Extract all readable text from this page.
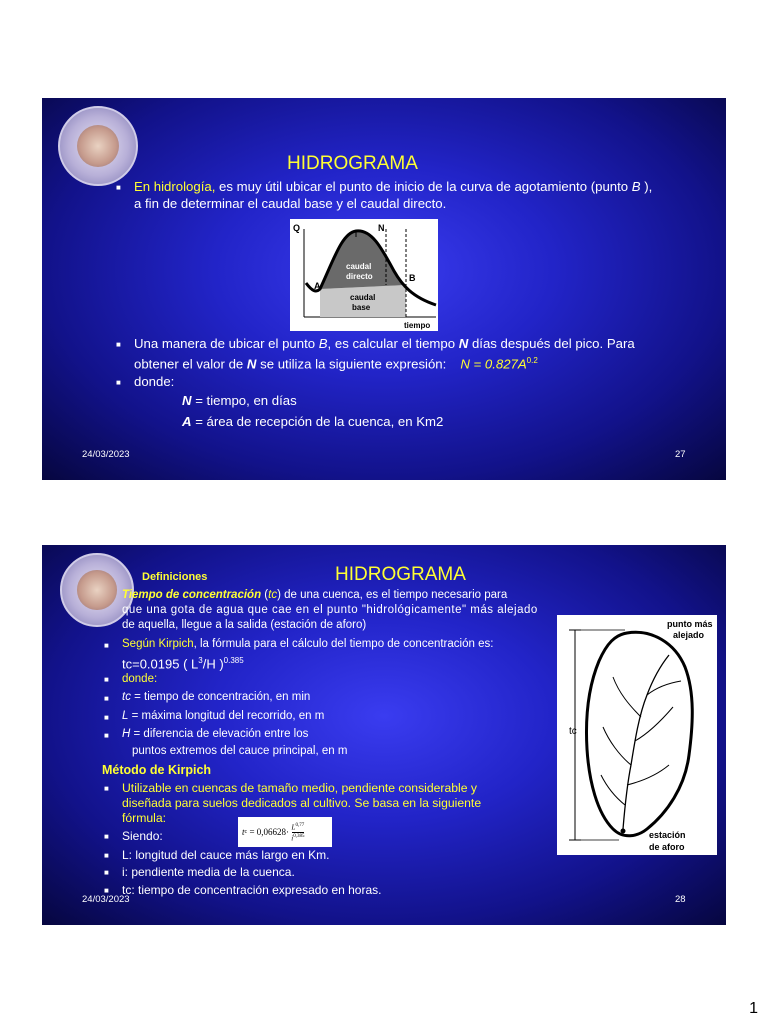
HIDROGRAMA
■ En hidrología, es muy útil ubicar el punto de inicio de la curva de agotamiento (punto B ),
a fin de determinar el caudal base y el caudal directo.
Q	N
caudal
directo
caudal
base
A
B
tiempo
■ Una manera de ubicar el punto B, es calcular el tiempo N días después del pico. Para
obtener el valor de N se utiliza la siguiente expresión: $N = 0.827A^{0.2}$
■ donde:
N = tiempo, en días
A = área de recepción de la cuenca, en Km2
24/03/2023	27
Definiciones	HIDROGRAMA
Tiempo de concentración (tc) de una cuenca, es el tiempo necesario para
que una gota de agua que cae en el punto "hidrológicamente" más alejado
de aquella, llegue a la salida (estación de aforo)
■ Según Kirpich, la fórmula para el cálculo del tiempo de concentración es:
tc=0.0195 ( $L^3/H$ )$^{0.385}$
■ donde:
■ tc = tiempo de concentración, en min
■ L = máxima longitud del recorrido, en m
■ H = diferencia de elevación entre los
puntos extremos del cauce principal, en m
Método de Kirpich
■ Utilizable en cuencas de tamaño medio, pendiente considerable y
diseñada para suelos dedicados al cultivo. Se basa en la siguiente
fórmula:
■ Siendo:	t c = 0,06628· L$^{0,77}$
$i^{0,385}$
■ L: longitud del cauce más largo en Km.
■ i: pendiente media de la cuenca.
■ tc: tiempo de concentración expresado en horas.
tc
punto más
alejado
estación
de aforo
24/03/2023	28
1
